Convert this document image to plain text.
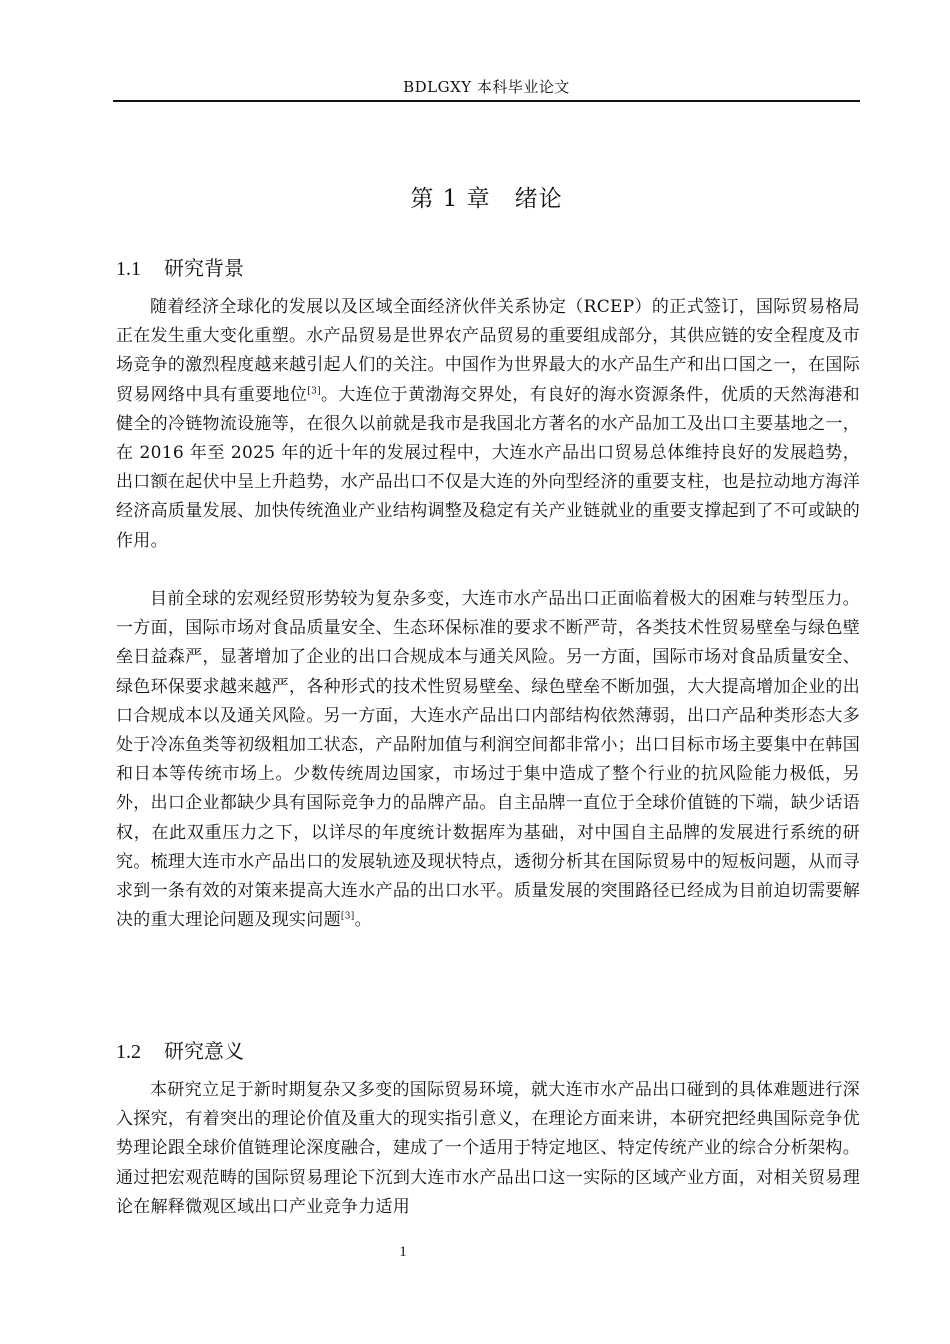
BDLGXY 本科毕业论文
第 1 章　绪论
1.1 研究背景

随着经济全球化的发展以及区域全面经济伙伴关系协定（RCEP）的正式签订，国际贸易格局正在发生重大变化重塑。水产品贸易是世界农产品贸易的重要组成部分，其供应链的安全程度及市场竞争的激烈程度越来越引起人们的关注。中国作为世界最大的水产品生产和出口国之一，在国际贸易网络中具有重要地位[3]。大连位于黄渤海交界处，有良好的海水资源条件，优质的天然海港和健全的冷链物流设施等，在很久以前就是我市是我国北方著名的水产品加工及出口主要基地之一，在 2016 年至 2025 年的近十年的发展过程中，大连水产品出口贸易总体维持良好的发展趋势，出口额在起伏中呈上升趋势，水产品出口不仅是大连的外向型经济的重要支柱，也是拉动地方海洋经济高质量发展、加快传统渔业产业结构调整及稳定有关产业链就业的重要支撑起到了不可或缺的作用。

目前全球的宏观经贸形势较为复杂多变，大连市水产品出口正面临着极大的困难与转型压力。一方面，国际市场对食品质量安全、生态环保标准的要求不断严苛，各类技术性贸易壁垒与绿色壁垒日益森严，显著增加了企业的出口合规成本与通关风险。另一方面，国际市场对食品质量安全、绿色环保要求越来越严，各种形式的技术性贸易壁垒、绿色壁垒不断加强，大大提高增加企业的出口合规成本以及通关风险。另一方面，大连水产品出口内部结构依然薄弱，出口产品种类形态大多处于冷冻鱼类等初级粗加工状态，产品附加值与利润空间都非常小；出口目标市场主要集中在韩国和日本等传统市场上。少数传统周边国家，市场过于集中造成了整个行业的抗风险能力极低，另外，出口企业都缺少具有国际竞争力的品牌产品。自主品牌一直位于全球价值链的下端，缺少话语权，在此双重压力之下，以详尽的年度统计数据库为基础，对中国自主品牌的发展进行系统的研究。梳理大连市水产品出口的发展轨迹及现状特点，透彻分析其在国际贸易中的短板问题，从而寻求到一条有效的对策来提高大连水产品的出口水平。质量发展的突围路径已经成为目前迫切需要解决的重大理论问题及现实问题[3]。

1.2 研究意义

本研究立足于新时期复杂又多变的国际贸易环境，就大连市水产品出口碰到的具体难题进行深入探究，有着突出的理论价值及重大的现实指引意义，在理论方面来讲，本研究把经典国际竞争优势理论跟全球价值链理论深度融合，建成了一个适用于特定地区、特定传统产业的综合分析架构。通过把宏观范畴的国际贸易理论下沉到大连市水产品出口这一实际的区域产业方面，对相关贸易理论在解释微观区域出口产业竞争力适用

1
